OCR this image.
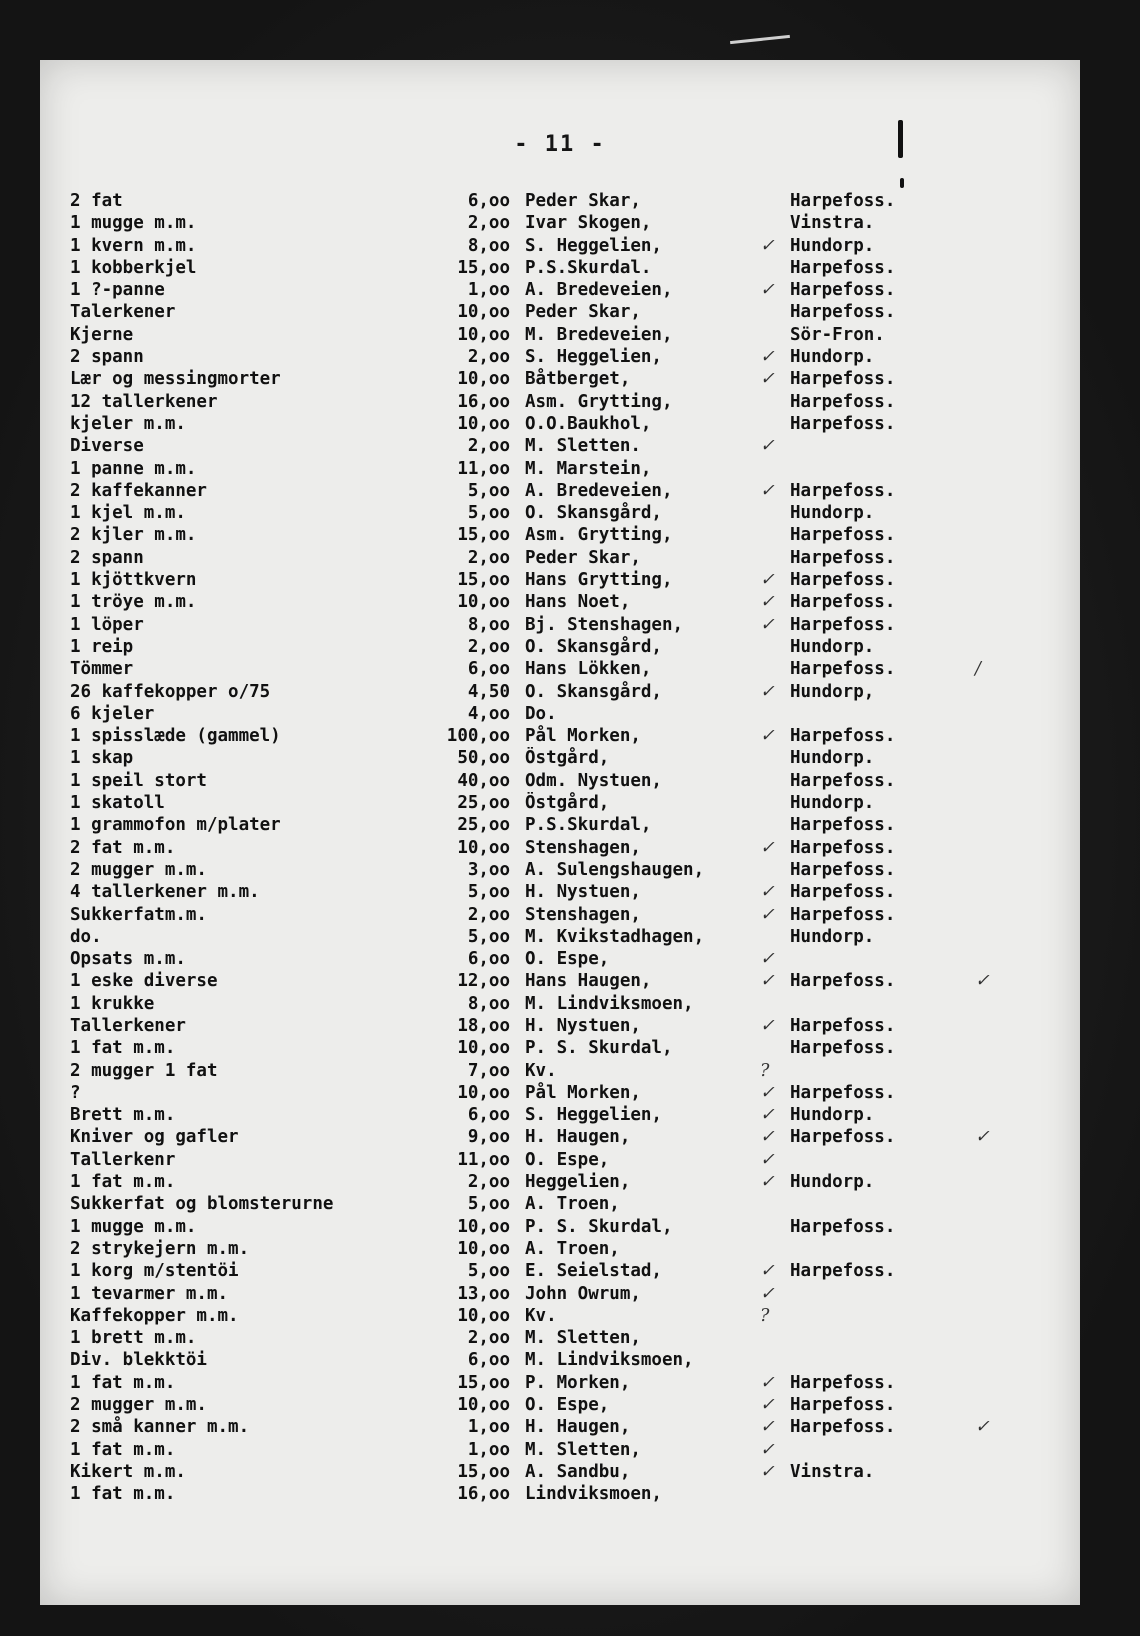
- 11 -
2 fat	6,oo Peder Skar,	Harpefoss.
1 mugge m.m.	2,oo Ivar Skogen,	Vinstra.
1 kvern m.m.	8,oo S. Heggelien,	✓ Hundorp.
1 kobberkjel	15,oo P.S.Skurdal.	Harpefoss.
1 ?-panne	1,oo A. Bredeveien,	✓ Harpefoss.
Talerkener	10,oo Peder Skar,	Harpefoss.
Kjerne	10,oo M. Bredeveien,	Sör-Fron.
2 spann	2,oo S. Heggelien,	✓ Hundorp.
Lær og messingmorter	10,oo Båtberget,	✓ Harpefoss.
12 tallerkener	16,oo Asm. Grytting,	Harpefoss.
kjeler m.m.	10,oo O.O.Baukhol,	Harpefoss.
Diverse	2,oo M. Sletten.	✓
1 panne m.m.	11,oo M. Marstein,
2 kaffekanner	5,oo A. Bredeveien,	✓ Harpefoss.
1 kjel m.m.	5,oo O. Skansgård,	Hundorp.
2 kjler m.m.	15,oo Asm. Grytting,	Harpefoss.
2 spann	2,oo Peder Skar,	Harpefoss.
1 kjöttkvern	15,oo Hans Grytting,	✓ Harpefoss.
1 tröye m.m.	10,oo Hans Noet,	✓ Harpefoss.
1 löper	8,oo Bj. Stenshagen,	✓ Harpefoss.
1 reip	2,oo O. Skansgård,	Hundorp.
Tömmer	6,oo Hans Lökken,	Harpefoss.	/
26 kaffekopper o/75	4,50 O. Skansgård,	✓ Hundorp,
6 kjeler	4,oo Do.
1 spisslæde (gammel)	100,oo Pål Morken,	✓ Harpefoss.
1 skap	50,oo Östgård,	Hundorp.
1 speil stort	40,oo Odm. Nystuen,	Harpefoss.
1 skatoll	25,oo Östgård,	Hundorp.
1 grammofon m/plater	25,oo P.S.Skurdal,	Harpefoss.
2 fat m.m.	10,oo Stenshagen,	✓ Harpefoss.
2 mugger m.m.	3,oo A. Sulengshaugen,	Harpefoss.
4 tallerkener m.m.	5,oo H. Nystuen,	✓ Harpefoss.
Sukkerfatm.m.	2,oo Stenshagen,	✓ Harpefoss.
do.	5,oo M. Kvikstadhagen,	Hundorp.
Opsats m.m.	6,oo O. Espe,	✓
1 eske diverse	12,oo Hans Haugen,	✓ Harpefoss.	✓
1 krukke	8,oo M. Lindviksmoen,
Tallerkener	18,oo H. Nystuen,	✓ Harpefoss.
1 fat m.m.	10,oo P. S. Skurdal,	Harpefoss.
2 mugger 1 fat	7,oo Kv.	?
?	10,oo Pål Morken,	✓ Harpefoss.
Brett m.m.	6,oo S. Heggelien,	✓ Hundorp.
Kniver og gafler	9,oo H. Haugen,	✓ Harpefoss.	✓
Tallerkenr	11,oo O. Espe,	✓
1 fat m.m.	2,oo Heggelien,	✓ Hundorp.
Sukkerfat og blomsterurne	5,oo A. Troen,
1 mugge m.m.	10,oo P. S. Skurdal,	Harpefoss.
2 strykejern m.m.	10,oo A. Troen,
1 korg m/stentöi	5,oo E. Seielstad,	✓ Harpefoss.
1 tevarmer m.m.	13,oo John Owrum,	✓
Kaffekopper m.m.	10,oo Kv.	?
1 brett m.m.	2,oo M. Sletten,
Div. blekktöi	6,oo M. Lindviksmoen,
1 fat m.m.	15,oo P. Morken,	✓ Harpefoss.
2 mugger m.m.	10,oo O. Espe,	✓ Harpefoss.
2 små kanner m.m.	1,oo H. Haugen,	✓ Harpefoss.	✓
1 fat m.m.	1,oo M. Sletten,	✓
Kikert m.m.	15,oo A. Sandbu,	✓ Vinstra.
1 fat m.m.	16,oo Lindviksmoen,
